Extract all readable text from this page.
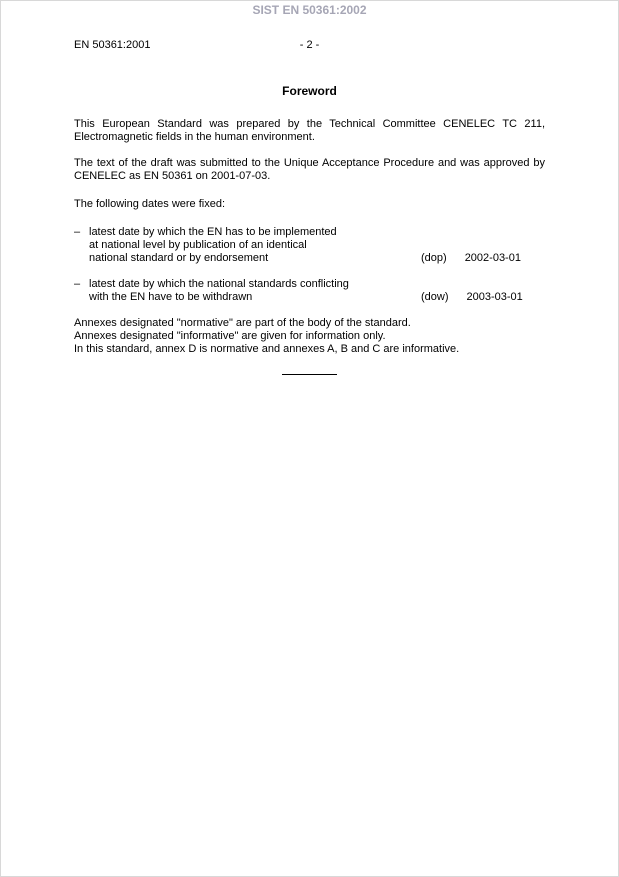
SIST EN 50361:2002
EN 50361:2001	- 2 -
Foreword
This European Standard was prepared by the Technical Committee CENELEC TC 211, Electromagnetic fields in the human environment.
The text of the draft was submitted to the Unique Acceptance Procedure and was approved by CENELEC as EN 50361 on 2001-07-03.
The following dates were fixed:
– latest date by which the EN has to be implemented
at national level by publication of an identical
national standard or by endorsement	(dop) 2002-03-01
– latest date by which the national standards conflicting
with the EN have to be withdrawn	(dow) 2003-03-01
Annexes designated "normative" are part of the body of the standard.
Annexes designated "informative" are given for information only.
In this standard, annex D is normative and annexes A, B and C are informative.
